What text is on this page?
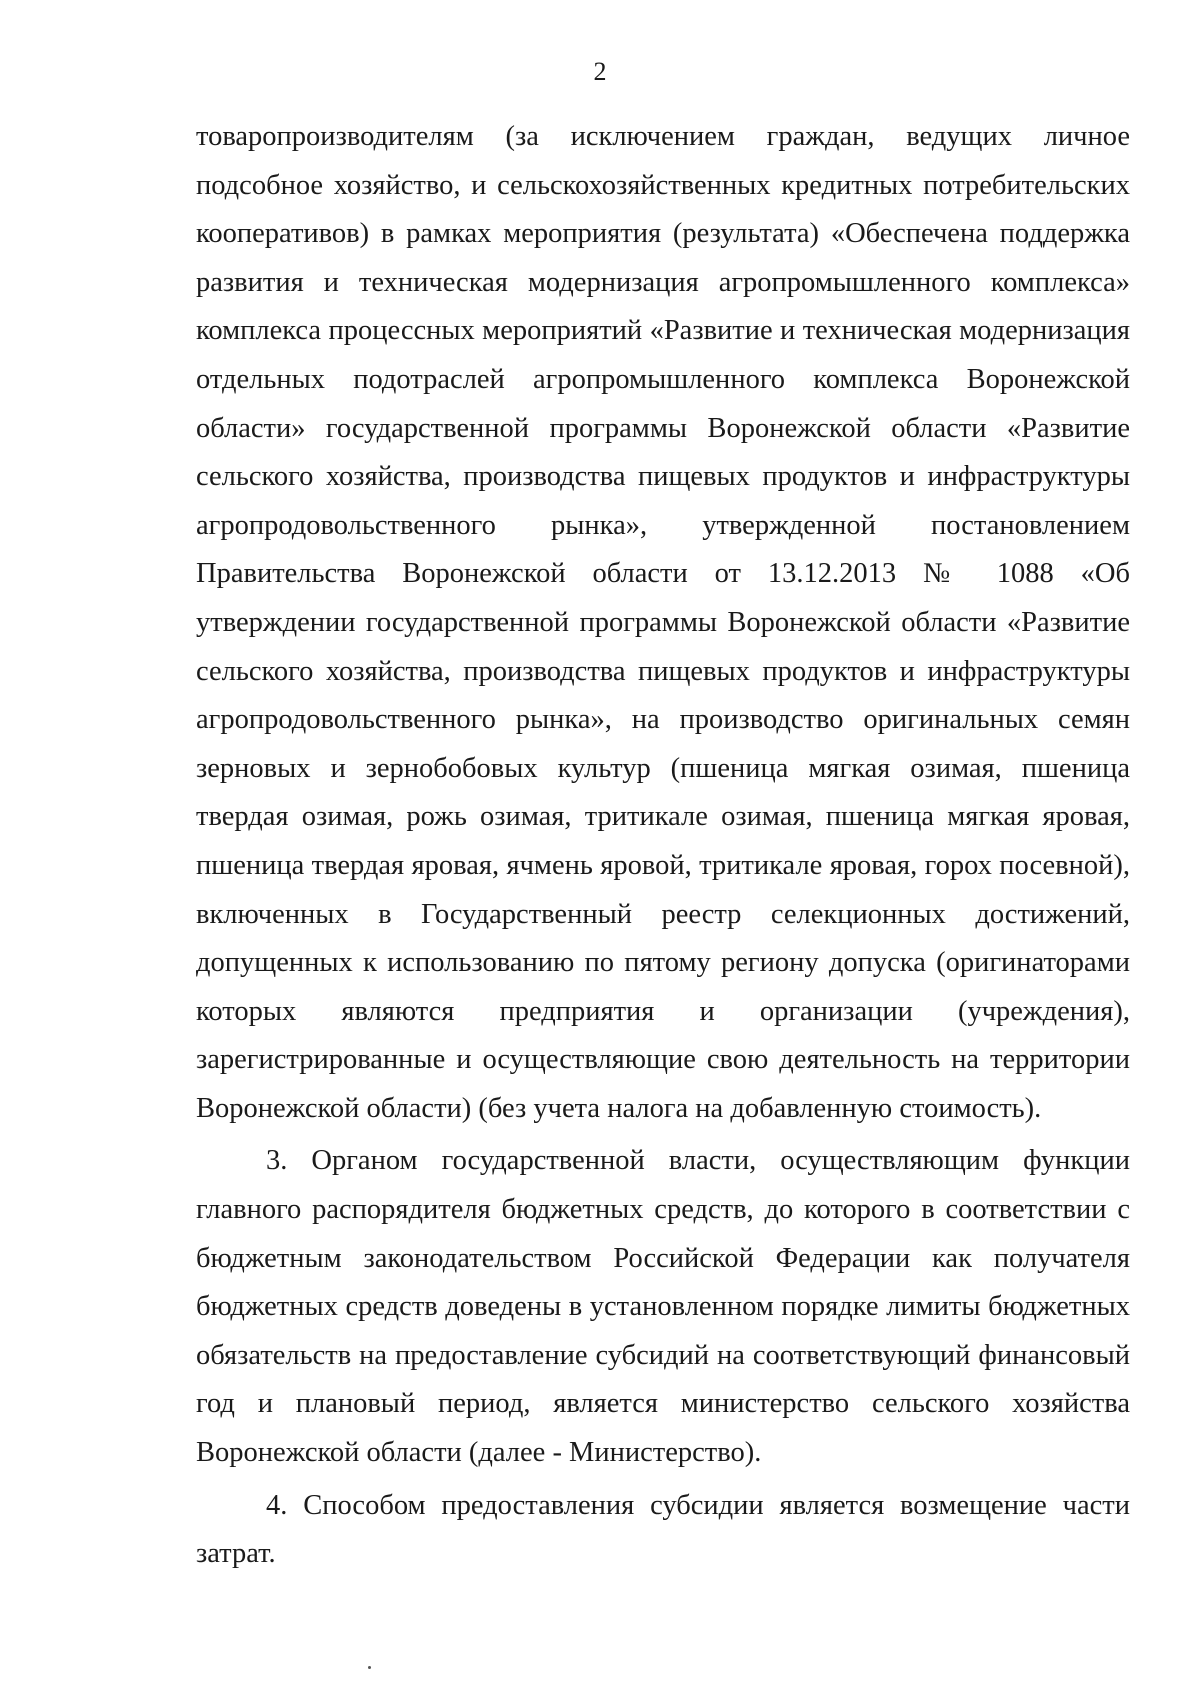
2

товаропроизводителям (за исключением граждан, ведущих личное подсобное хозяйство, и сельскохозяйственных кредитных потребительских кооперативов) в рамках мероприятия (результата) «Обеспечена поддержка развития и техническая модернизация агропромышленного комплекса» комплекса процессных мероприятий «Развитие и техническая модернизация отдельных подотраслей агропромышленного комплекса Воронежской области» государственной программы Воронежской области «Развитие сельского хозяйства, производства пищевых продуктов и инфраструктуры агропродовольственного рынка», утвержденной постановлением Правительства Воронежской области от 13.12.2013 № 1088 «Об утверждении государственной программы Воронежской области «Развитие сельского хозяйства, производства пищевых продуктов и инфраструктуры агропродовольственного рынка», на производство оригинальных семян зерновых и зернобобовых культур (пшеница мягкая озимая, пшеница твердая озимая, рожь озимая, тритикале озимая, пшеница мягкая яровая, пшеница твердая яровая, ячмень яровой, тритикале яровая, горох посевной), включенных в Государственный реестр селекционных достижений, допущенных к использованию по пятому региону допуска (оригинаторами которых являются предприятия и организации (учреждения), зарегистрированные и осуществляющие свою деятельность на территории Воронежской области) (без учета налога на добавленную стоимость).

3. Органом государственной власти, осуществляющим функции главного распорядителя бюджетных средств, до которого в соответствии с бюджетным законодательством Российской Федерации как получателя бюджетных средств доведены в установленном порядке лимиты бюджетных обязательств на предоставление субсидий на соответствующий финансовый год и плановый период, является министерство сельского хозяйства Воронежской области (далее - Министерство).

4. Способом предоставления субсидии является возмещение части затрат.
